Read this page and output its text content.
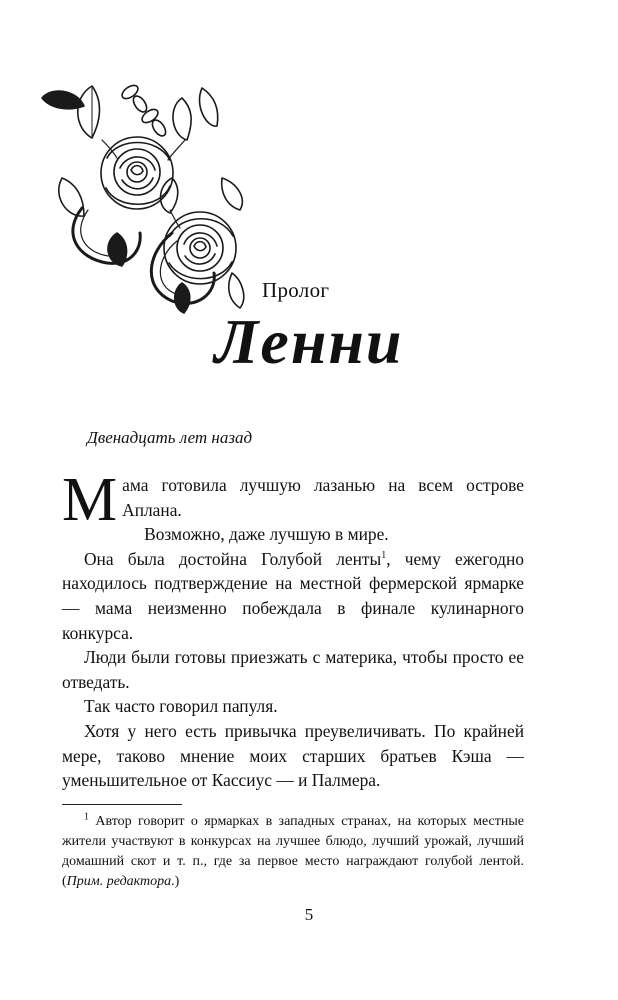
Пролог
Ленни
Двенадцать лет назад

Мама готовила лучшую лазанью на всем острове Аплана.

Возможно, даже лучшую в мире.

Она была достойна Голубой ленты$^1$, чему ежегодно находилось подтверждение на местной фермерской ярмарке — мама неизменно побеждала в финале кулинарного конкурса.

Люди были готовы приезжать с материка, чтобы просто ее отведать.

Так часто говорил папуля.

Хотя у него есть привычка преувеличивать. По крайней мере, таково мнение моих старших братьев Кэша — уменьшительное от Кассиус — и Палмера.

$^1$ Автор говорит о ярмарках в западных странах, на которых местные жители участвуют в конкурсах на лучшее блюдо, лучший урожай, лучший домашний скот и т. п., где за первое место награждают голубой лентой. (Прим. редактора.)

5
